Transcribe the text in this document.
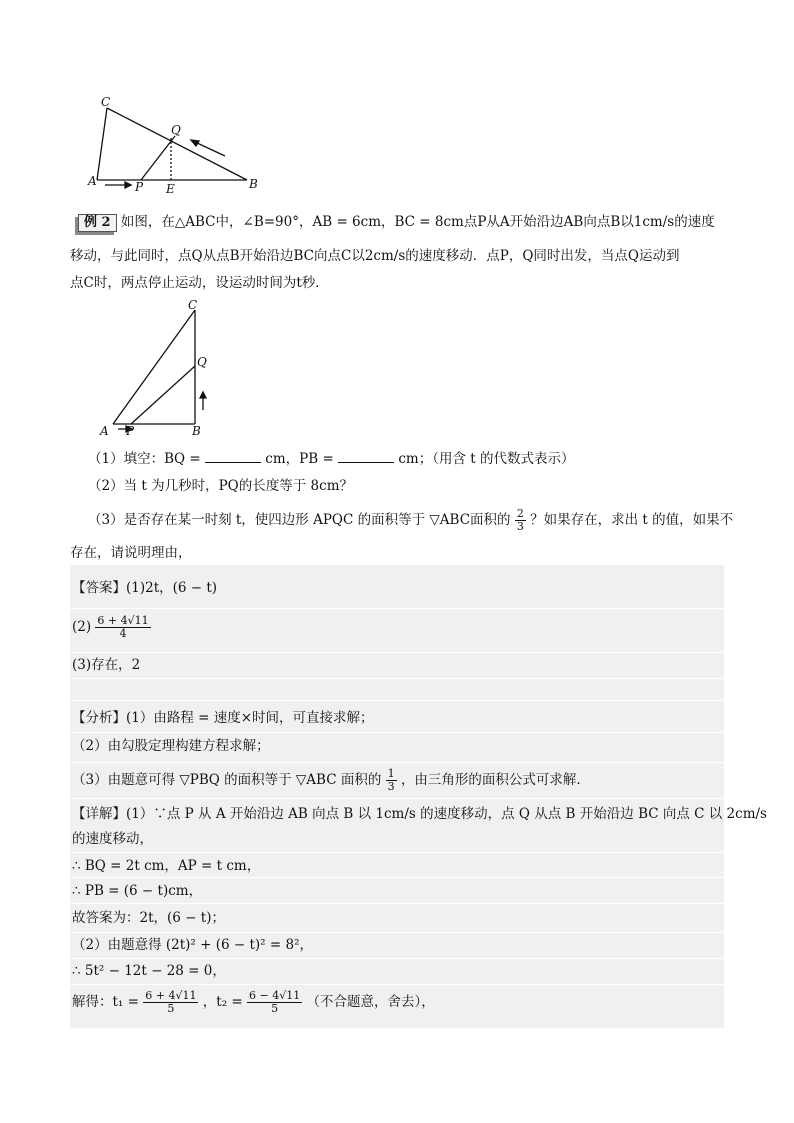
C
Q
A	P E	B
例 2 如图，在△ABC中，∠B=90°，AB = 6cm，BC = 8cm点P从A开始沿边AB向点B以1cm/s的速度
移动，与此同时，点Q从点B开始沿边BC向点C以2cm/s的速度移动．点P，Q同时出发，当点Q运动到
点C时，两点停止运动，设运动时间为t秒．
C
Q
A P	B
（1）填空：BQ =	cm，PB =	cm；（用含 t 的代数式表示）
（2）当 t 为几秒时，PQ的长度等于 8cm？
（3）是否存在某一时刻 t，使四边形 APQC 的面积等于 ▽ABC面积的 $\frac{2}{3}$ ？如果存在，求出 t 的值，如果不
存在，请说明理由，
【答案】(1)2t，(6 − t)
$(2) \frac{6 + 4√11}{4}$
(3)存在，2
【分析】(1）由路程 = 速度×时间，可直接求解；
（2）由勾股定理构建方程求解；
（3）由题意可得 ▽PBQ 的面积等于 ▽ABC 面积的 $\frac{1}{3}$ ，由三角形的面积公式可求解．
【详解】(1）∵点 P 从 A 开始沿边 AB 向点 B 以 1cm/s 的速度移动，点 Q 从点 B 开始沿边 BC 向点 C 以 2cm/s
的速度移动，
∴ BQ = 2t cm，AP = t cm，
∴ PB = (6 − t)cm，
故答案为：2t，(6 − t)；
（2）由题意得 (2t)² + (6 − t)² = 8²，
∴ 5t² − 12t − 28 = 0，
解得：$t_1 = \frac{6 + 4√11}{5}$ ，$t_2 = \frac{6 - 4√11}{5}$ （不合题意，舍去），
